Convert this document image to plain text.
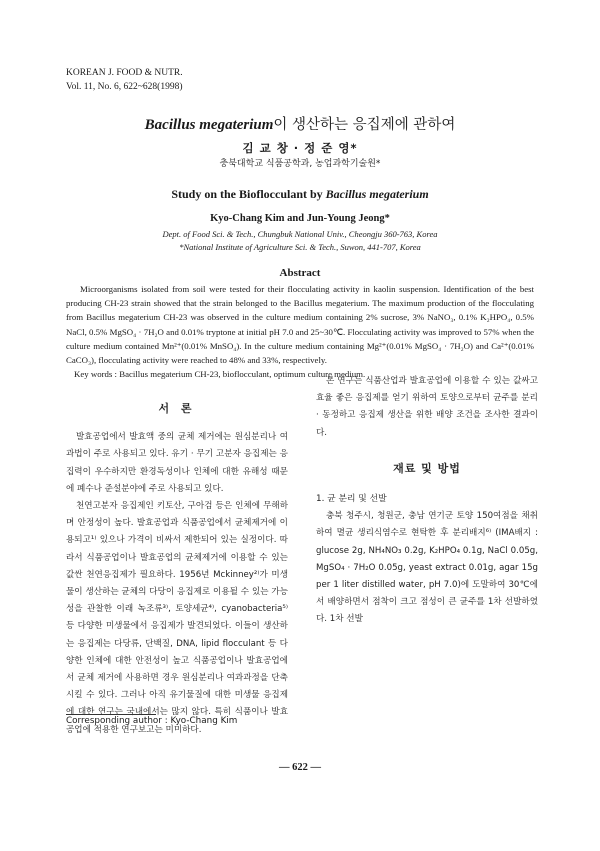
KOREAN J. FOOD & NUTR.
Vol. 11, No. 6, 622~628(1998)
Bacillus megaterium이 생산하는 응집제에 관하여
김 교 창 · 정 준 영*
충북대학교 식품공학과, 농업과학기술원*
Study on the Bioflocculant by Bacillus megaterium
Kyo-Chang Kim and Jun-Young Jeong*
Dept. of Food Sci. & Tech., Chungbuk National Univ., Cheongju 360-763, Korea
*National Institute of Agriculture Sci. & Tech., Suwon, 441-707, Korea
Abstract

Microorganisms isolated from soil were tested for their flocculating activity in kaolin suspension. Identification of the best producing CH-23 strain showed that the strain belonged to the Bacillus megaterium. The maximum production of the flocculating from Bacillus megaterium CH-23 was observed in the culture medium containing 2% sucrose, 3% NaNO₃, 0.1% K₂HPO₄, 0.5% NaCl, 0.5% MgSO₄ · 7H₂O and 0.01% tryptone at initial pH 7.0 and 25~30℃. Flocculating activity was improved to 57% when the culture medium contained Mn²⁺(0.01% MnSO₄). In the culture medium containing Mg²⁺(0.01% MgSO₄ · 7H₂O) and Ca²⁺(0.01% CaCO₃), flocculating activity were reached to 48% and 33%, respectively.

Key words : Bacillus megaterium CH-23, bioflocculant, optimum culture medium.

서 론

발효공업에서 발효액 중의 균체 제거에는 원심분리나 여과법이 주로 사용되고 있다. 유기 · 무기 고분자 응집제는 응집력이 우수하지만 환경독성이나 인체에 대한 유해성 때문에 폐수나 준설분야에 주로 사용되고 있다.

천연고분자 응집제인 키토산, 구아검 등은 인체에 무해하며 안정성이 높다. 발효공업과 식품공업에서 균체제거에 이용되고¹⁾ 있으나 가격이 비싸서 제한되어 있는 실정이다. 따라서 식품공업이나 발효공업의 균체제거에 이용할 수 있는 값싼 천연응집제가 필요하다. 1956년 Mckinney²⁾가 미생물이 생산하는 균체의 다당이 응집제로 이용될 수 있는 가능성을 관찰한 이래 녹조류³⁾, 토양세균⁴⁾, cyanobacteria⁵⁾ 등 다양한 미생물에서 응집제가 발견되었다. 이들이 생산하는 응집제는 다당류, 단백질, DNA, lipid flocculant 등 다양한 인체에 대한 안전성이 높고 식품공업이나 발효공업에서 균체 제거에 사용하면 경우 원심분리나 여과과정을 단축시킬 수 있다. 그러나 아직 유기물질에 대한 미생물 응집제에 대한 연구는 국내에서는 많지 않다. 특히 식품이나 발효공업에 적용한 연구보고는 미미하다.

본 연구는 식품산업과 발효공업에 이용할 수 있는 값싸고 효율 좋은 응집제를 얻기 위하여 토양으로부터 균주를 분리 · 동정하고 응집제 생산을 위한 배양 조건을 조사한 결과이다.

재료 및 방법
1. 균 분리 및 선발

충북 청주시, 청원군, 충남 연기군 토양 150여점을 채취하여 멸균 생리식염수로 현탁한 후 분리배지⁶⁾ (IMA배지 : glucose 2g, NH₄NO₃ 0.2g, K₂HPO₄ 0.1g, NaCl 0.05g, MgSO₄ · 7H₂O 0.05g, yeast extract 0.01g, agar 15g per 1 liter distilled water, pH 7.0)에 도말하여 30℃에서 배양하면서 점착이 크고 점성이 큰 균주를 1차 선발하였다. 1차 선발

Corresponding author : Kyo-Chang Kim
— 622 —
